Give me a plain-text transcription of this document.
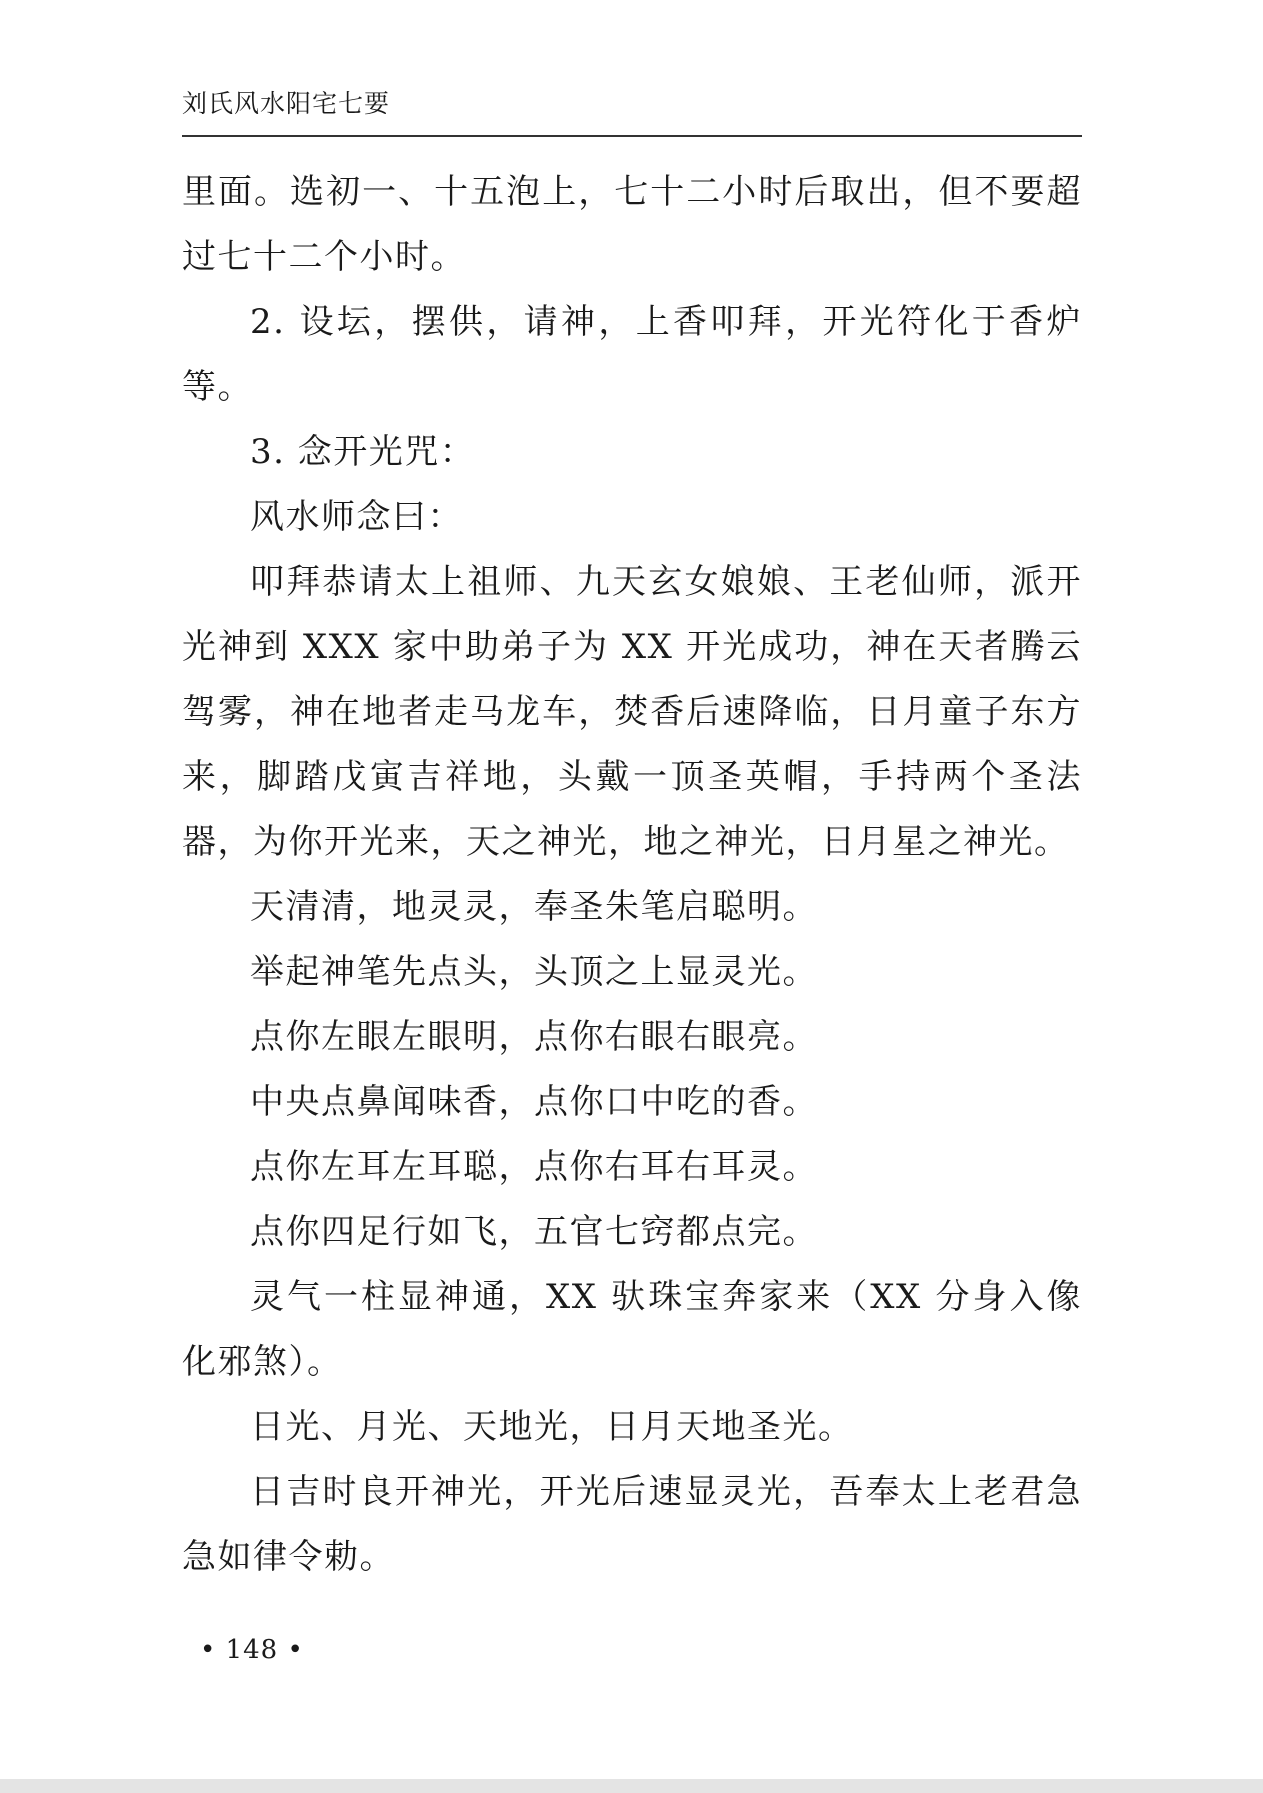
刘氏风水阳宅七要

里面。选初一、十五泡上，七十二小时后取出，但不要超过七十二个小时。

2. 设坛，摆供，请神，上香叩拜，开光符化于香炉等。

3. 念开光咒：

风水师念曰：

叩拜恭请太上祖师、九天玄女娘娘、王老仙师，派开光神到 XXX 家中助弟子为 XX 开光成功，神在天者腾云驾雾，神在地者走马龙车，焚香后速降临，日月童子东方来，脚踏戊寅吉祥地，头戴一顶圣英帽，手持两个圣法器，为你开光来，天之神光，地之神光，日月星之神光。

天清清，地灵灵，奉圣朱笔启聪明。

举起神笔先点头，头顶之上显灵光。

点你左眼左眼明，点你右眼右眼亮。

中央点鼻闻味香，点你口中吃的香。

点你左耳左耳聪，点你右耳右耳灵。

点你四足行如飞，五官七窍都点完。

灵气一柱显神通，XX 驮珠宝奔家来（XX 分身入像化邪煞）。

日光、月光、天地光，日月天地圣光。

日吉时良开神光，开光后速显灵光，吾奉太上老君急急如律令勅。

• 148 •
